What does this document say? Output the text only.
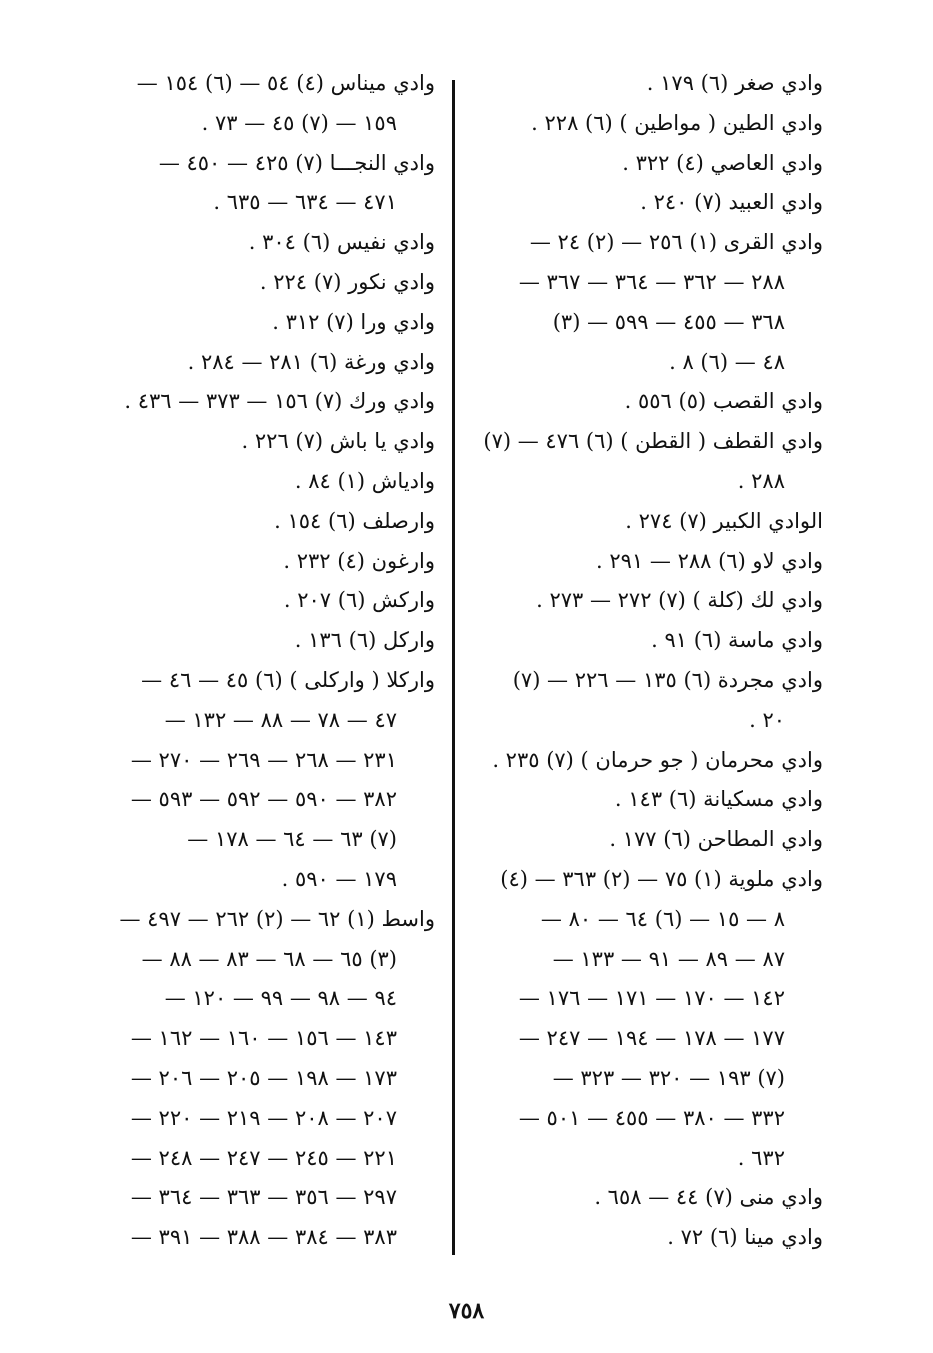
وادي صغر (٦) ١٧٩ .
وادي الطين ( مواطين ) (٦) ٢٢٨ .
وادي العاصي (٤) ٣٢٢ .
وادي العبيد (٧) ٢٤٠ .
وادي القرى (١) ٢٥٦ — (٢) ٢٤ —
٢٨٨ — ٣٦٢ — ٣٦٤ — ٣٦٧ —
٣٦٨ — ٤٥٥ — ٥٩٩ — (٣)
٤٨ — (٦) ٨ .
وادي القصب (٥) ٥٥٦ .
وادي القطف ( القطن ) (٦) ٤٧٦ — (٧)
٢٨٨ .
الوادي الكبير (٧) ٢٧٤ .
وادي لاو (٦) ٢٨٨ — ٢٩١ .
وادي لك (كلة ) (٧) ٢٧٢ — ٢٧٣ .
وادي ماسة (٦) ٩١ .
وادي مجردة (٦) ١٣٥ — ٢٢٦ — (٧)
٢٠ .
وادي محرمان ( جو حرمان ) (٧) ٢٣٥ .
وادي مسكيانة (٦) ١٤٣ .
وادي المطاحن (٦) ١٧٧ .
وادي ملوية (١) ٧٥ — (٢) ٣٦٣ — (٤)
٨ — ١٥ — (٦) ٦٤ — ٨٠ —
٨٧ — ٨٩ — ٩١ — ١٣٣ —
١٤٢ — ١٧٠ — ١٧١ — ١٧٦ —
١٧٧ — ١٧٨ — ١٩٤ — ٢٤٧ —
(٧) ١٩٣ — ٣٢٠ — ٣٢٣ —
٣٣٢ — ٣٨٠ — ٤٥٥ — ٥٠١ —
٦٣٢ .
وادي منى (٧) ٤٤ — ٦٥٨ .
وادي مينا (٦) ٧٢ .
وادي ميناس (٤) ٥٤ — (٦) ١٥٤ —
١٥٩ — (٧) ٤٥ — ٧٣ .
وادي النجـــا (٧) ٤٢٥ — ٤٥٠ —
٤٧١ — ٦٣٤ — ٦٣٥ .
وادي نفيس (٦) ٣٠٤ .
وادي نكور (٧) ٢٢٤ .
وادي ورا (٧) ٣١٢ .
وادي ورغة (٦) ٢٨١ — ٢٨٤ .
وادي ورك (٧) ١٥٦ — ٣٧٣ — ٤٣٦ .
وادي يا باش (٧) ٢٢٦ .
وادياش (١) ٨٤ .
وارصلف (٦) ١٥٤ .
وارغون (٤) ٢٣٢ .
واركش (٦) ٢٠٧ .
واركل (٦) ١٣٦ .
واركلا ( واركلى ) (٦) ٤٥ — ٤٦ —
٤٧ — ٧٨ — ٨٨ — ١٣٢ —
٢٣١ — ٢٦٨ — ٢٦٩ — ٢٧٠ —
٣٨٢ — ٥٩٠ — ٥٩٢ — ٥٩٣ —
(٧) ٦٣ — ٦٤ — ١٧٨ —
١٧٩ — ٥٩٠ .
واسط (١) ٦٢ — (٢) ٢٦٢ — ٤٩٧ —
(٣) ٦٥ — ٦٨ — ٨٣ — ٨٨ —
٩٤ — ٩٨ — ٩٩ — ١٢٠ —
١٤٣ — ١٥٦ — ١٦٠ — ١٦٢ —
١٧٣ — ١٩٨ — ٢٠٥ — ٢٠٦ —
٢٠٧ — ٢٠٨ — ٢١٩ — ٢٢٠ —
٢٢١ — ٢٤٥ — ٢٤٧ — ٢٤٨ —
٢٩٧ — ٣٥٦ — ٣٦٣ — ٣٦٤ —
٣٨٣ — ٣٨٤ — ٣٨٨ — ٣٩١ —
٧٥٨
